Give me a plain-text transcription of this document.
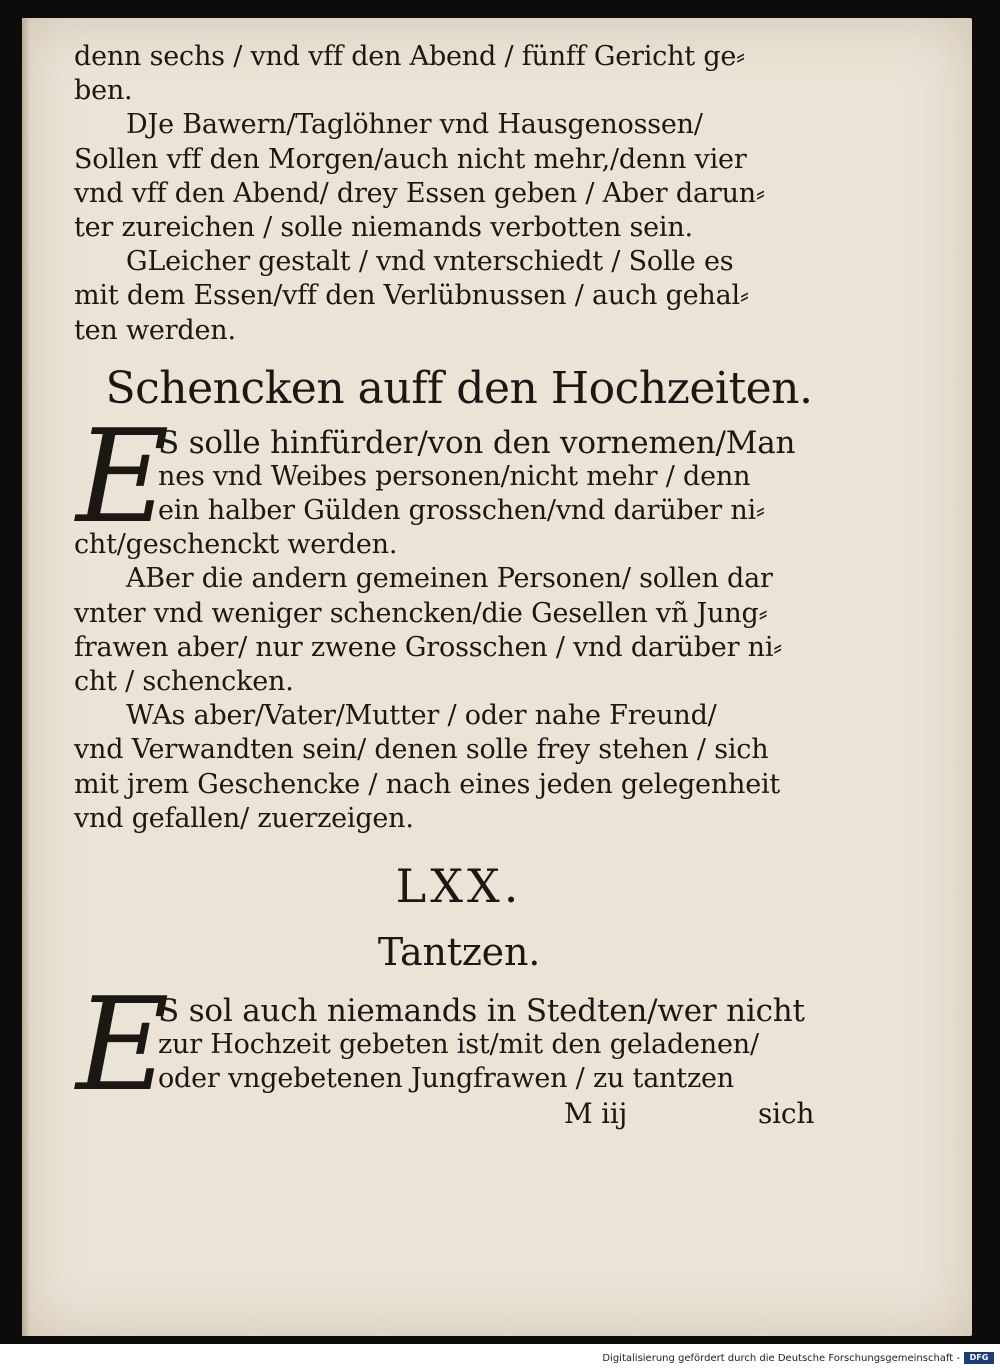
denn sechs / vnd vff den Abend / fünff Gericht ge⸗
ben.
DJe Bawern/Taglöhner vnd Hausgenossen/
Sollen vff den Morgen/auch nicht mehr,/denn vier
vnd vff den Abend/ drey Essen geben / Aber darun⸗
ter zureichen / solle niemands verbotten sein.
GLeicher gestalt / vnd vnterschiedt / Solle es
mit dem Essen/vff den Verlübnussen / auch gehal⸗
ten werden.
Schencken auff den Hochzeiten.
E
S solle hinfürder/von den vornemen/Man
nes vnd Weibes personen/nicht mehr / denn
ein halber Gülden grosschen/vnd darüber ni⸗
cht/geschenckt werden.
ABer die andern gemeinen Personen/ sollen dar
vnter vnd weniger schencken/die Gesellen vñ Jung⸗
frawen aber/ nur zwene Grosschen / vnd darüber ni⸗
cht / schencken.
WAs aber/Vater/Mutter / oder nahe Freund/
vnd Verwandten sein/ denen solle frey stehen / sich
mit jrem Geschencke / nach eines jeden gelegenheit
vnd gefallen/ zuerzeigen.
LXX.
Tantzen.
E
S sol auch niemands in Stedten/wer nicht
zur Hochzeit gebeten ist/mit den geladenen/
oder vngebetenen Jungfrawen / zu tantzen
M iij	sich
Digitalisierung gefördert durch die Deutsche Forschungsgemeinschaft -	DFG
